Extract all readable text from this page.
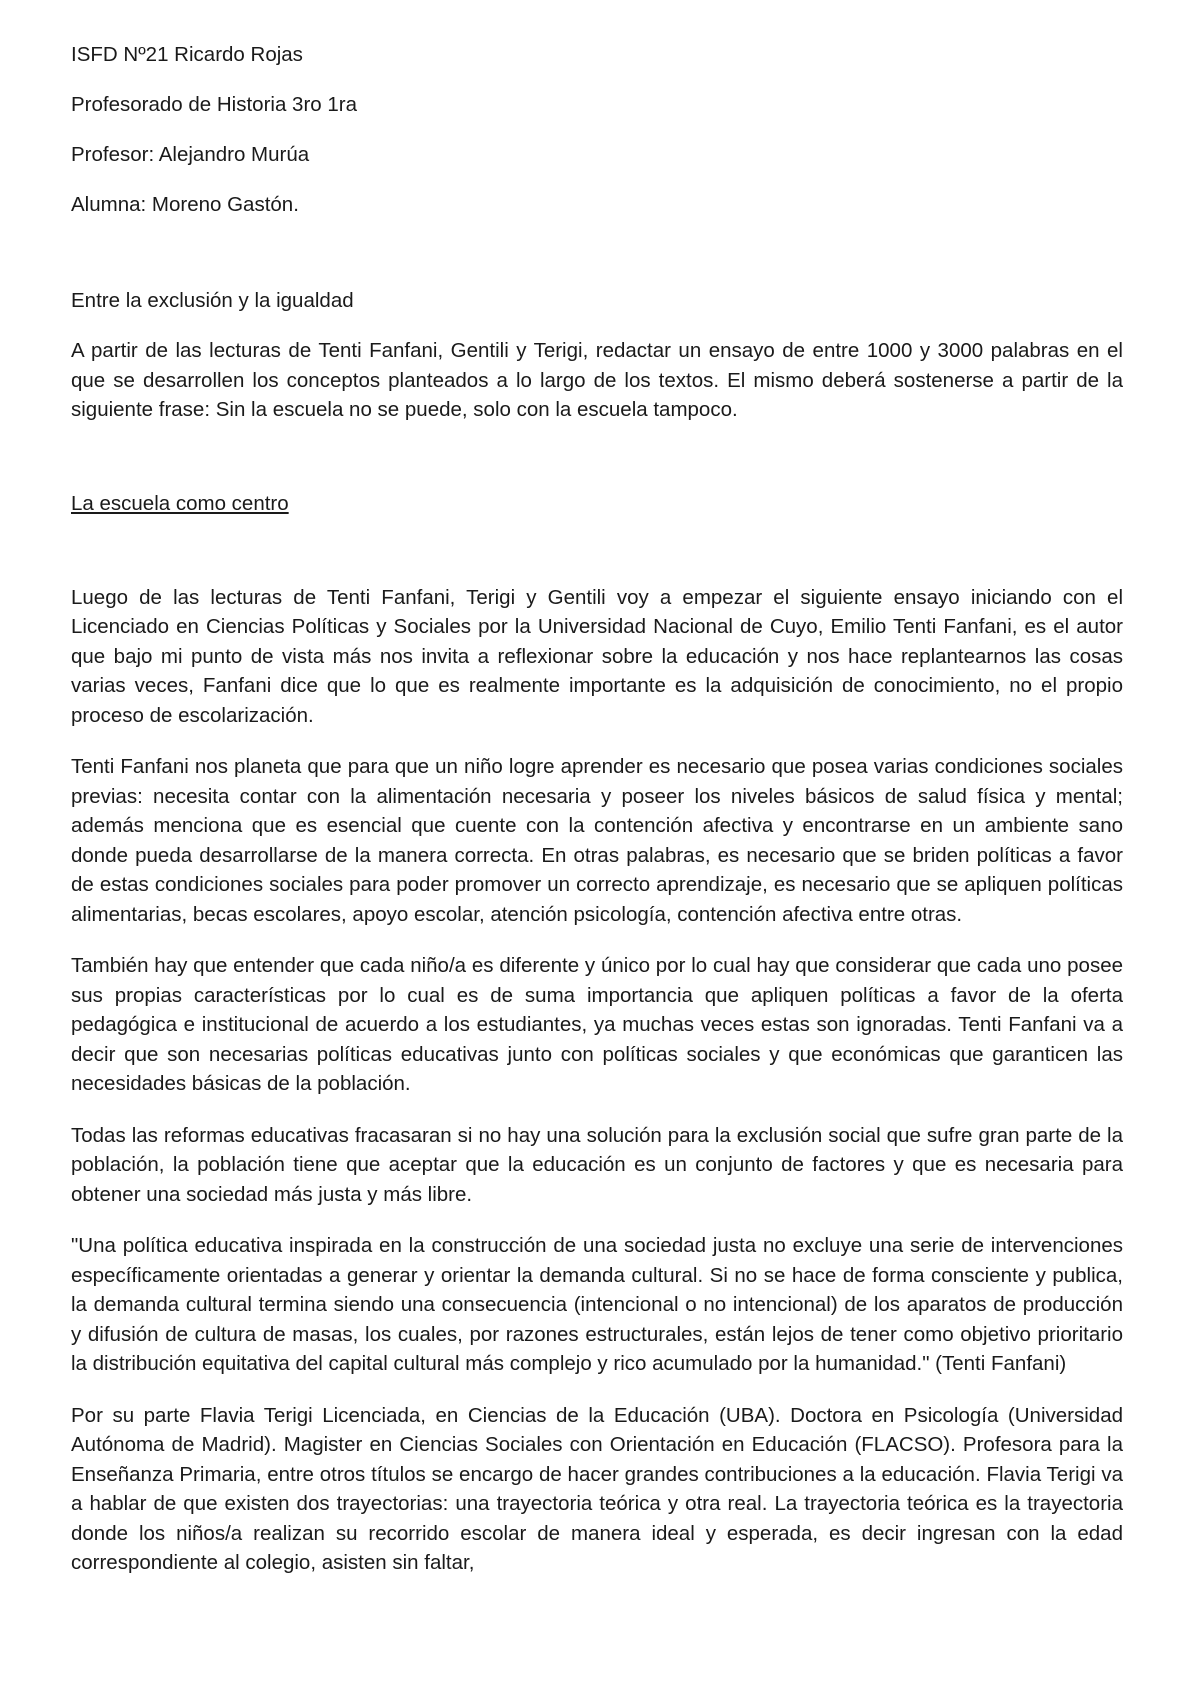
ISFD Nº21 Ricardo Rojas

Profesorado de Historia 3ro 1ra

Profesor: Alejandro Murúa

Alumna: Moreno Gastón.

Entre la exclusión y la igualdad

A partir de las lecturas de Tenti Fanfani, Gentili y Terigi, redactar un ensayo de entre 1000 y 3000 palabras en el que se desarrollen los conceptos planteados a lo largo de los textos. El mismo deberá sostenerse a partir de la siguiente frase: Sin la escuela no se puede, solo con la escuela tampoco.

La escuela como centro

Luego de las lecturas de Tenti Fanfani, Terigi y Gentili voy a empezar el siguiente ensayo iniciando con el Licenciado en Ciencias Políticas y Sociales por la Universidad Nacional de Cuyo, Emilio Tenti Fanfani, es el autor que bajo mi punto de vista más nos invita a reflexionar sobre la educación y nos hace replantearnos las cosas varias veces, Fanfani dice que lo que es realmente importante es la adquisición de conocimiento, no el propio proceso de escolarización.

Tenti Fanfani nos planeta que para que un niño logre aprender es necesario que posea varias condiciones sociales previas: necesita contar con la alimentación necesaria y poseer los niveles básicos de salud física y mental; además menciona que es esencial que cuente con la contención afectiva y encontrarse en un ambiente sano donde pueda desarrollarse de la manera correcta. En otras palabras, es necesario que se briden políticas a favor de estas condiciones sociales para poder promover un correcto aprendizaje, es necesario que se apliquen políticas alimentarias, becas escolares, apoyo escolar, atención psicología, contención afectiva entre otras.

También hay que entender que cada niño/a es diferente y único por lo cual hay que considerar que cada uno posee sus propias características por lo cual es de suma importancia que apliquen políticas a favor de la oferta pedagógica e institucional de acuerdo a los estudiantes, ya muchas veces estas son ignoradas. Tenti Fanfani va a decir que son necesarias políticas educativas junto con políticas sociales y que económicas que garanticen las necesidades básicas de la población.

Todas las reformas educativas fracasaran si no hay una solución para la exclusión social que sufre gran parte de la población, la población tiene que aceptar que la educación es un conjunto de factores y que es necesaria para obtener una sociedad más justa y más libre.

"Una política educativa inspirada en la construcción de una sociedad justa no excluye una serie de intervenciones específicamente orientadas a generar y orientar la demanda cultural. Si no se hace de forma consciente y publica, la demanda cultural termina siendo una consecuencia (intencional o no intencional) de los aparatos de producción y difusión de cultura de masas, los cuales, por razones estructurales, están lejos de tener como objetivo prioritario la distribución equitativa del capital cultural más complejo y rico acumulado por la humanidad." (Tenti Fanfani)

Por su parte Flavia Terigi Licenciada, en Ciencias de la Educación (UBA). Doctora en Psicología (Universidad Autónoma de Madrid). Magister en Ciencias Sociales con Orientación en Educación (FLACSO). Profesora para la Enseñanza Primaria, entre otros títulos se encargo de hacer grandes contribuciones a la educación. Flavia Terigi va a hablar de que existen dos trayectorias: una trayectoria teórica y otra real. La trayectoria teórica es la trayectoria donde los niños/a realizan su recorrido escolar de manera ideal y esperada, es decir ingresan con la edad correspondiente al colegio, asisten sin faltar,
